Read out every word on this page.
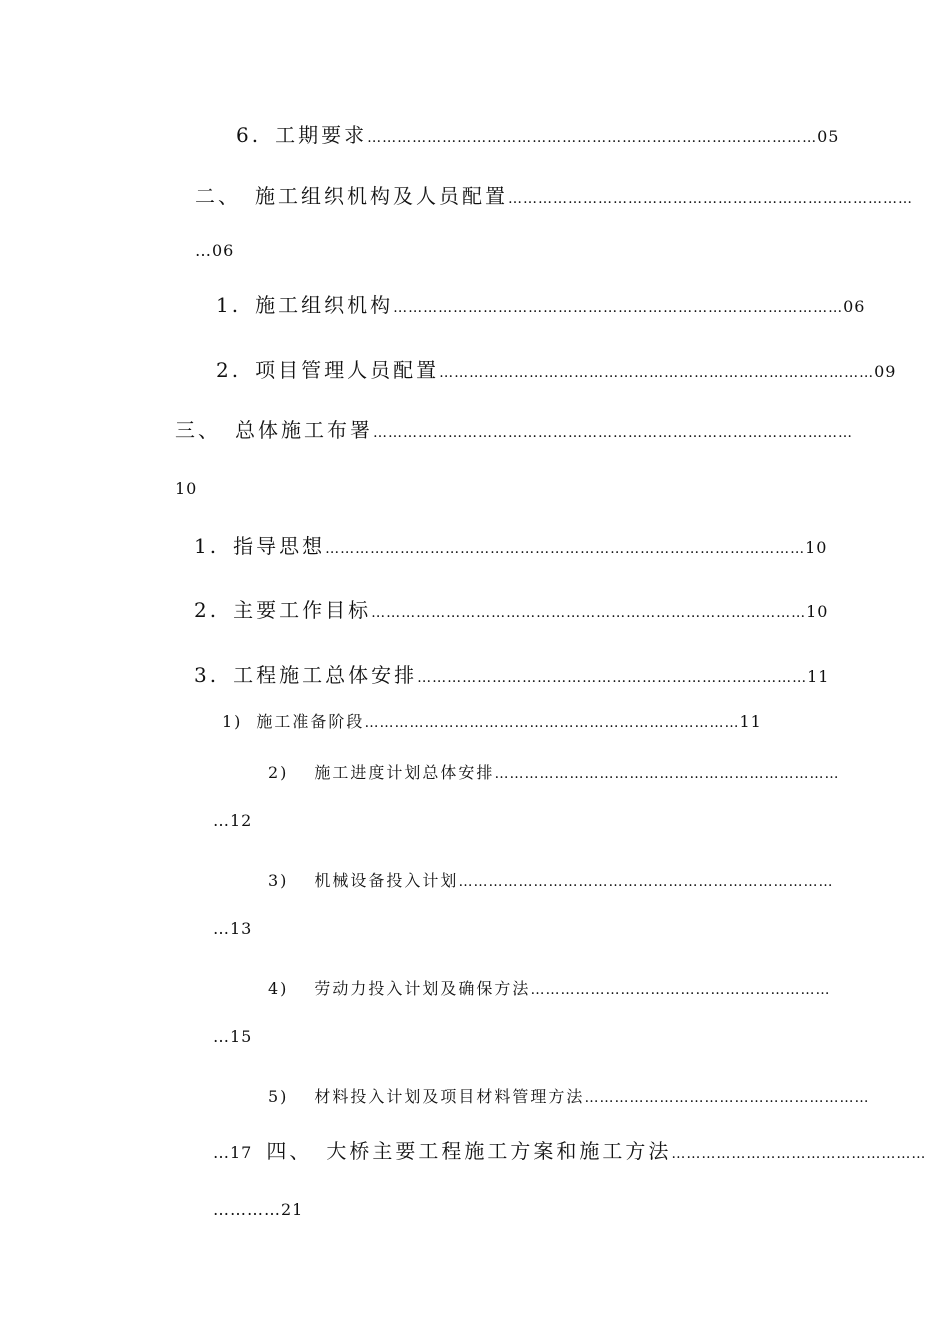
6. 工期要求………………………………………………………………………………05
二、 施工组织机构及人员配置………………………………………………………………………
…06
1. 施工组织机构………………………………………………………………………………06
2. 项目管理人员配置……………………………………………………………………………09
三、 总体施工布署……………………………………………………………………………………
10
1. 指导思想……………………………………………………………………………………10
2. 主要工作目标……………………………………………………………………………10
3. 工程施工总体安排……………………………………………………………………11
1) 施工准备阶段…………………………………………………………………11
2) 施工进度计划总体安排……………………………………………………………
…12
3) 机械设备投入计划…………………………………………………………………
…13
4) 劳动力投入计划及确保方法……………………………………………………
…15
5) 材料投入计划及项目材料管理方法…………………………………………………
…17 四、 大桥主要工程施工方案和施工方法……………………………………………
…………21
